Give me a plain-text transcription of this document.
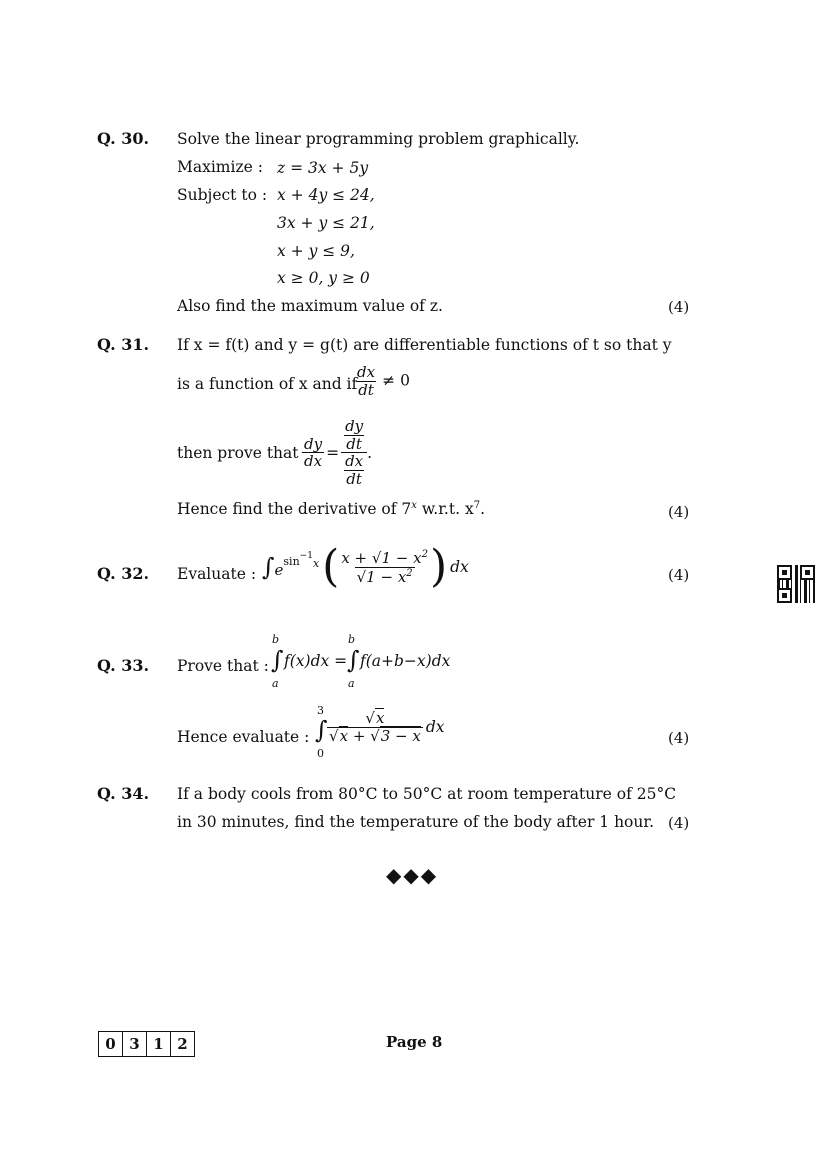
Q. 30. Solve the linear programming problem graphically.
Maximize : z = 3x + 5y
Subject to : x + 4y ≤ 24,
3x + y ≤ 21,
x + y ≤ 9,
x ≥ 0, y ≥ 0
Also find the maximum value of z.	(4)
Q. 31. If x = f(t) and y = g(t) are differentiable functions of t so that y
is a function of x and if
$\frac{dx}{dt} \ne 0$
then prove that $\frac{dy}{dx} = \frac{\frac{dy}{dt}}{\frac{dx}{dt}}$ .
Hence find the derivative of 7$^x$ w.r.t. $x^7$.	(4)
Q. 32. Evaluate : ∫ e sin −1
x ( $\frac{x + √1 - x^2}{√1 - x^2}$ ) dx	(4)
Q. 33. Prove that :
b
a
∫ f(x)dx =
b
a
∫ f(a+b−x)dx
Hence evaluate :
3
0
∫ $\frac{√x}{√x + √3 - x}$ dx
(4)
Q. 34. If a body cools from 80°C to 50°C at room temperature of 25°C
in 30 minutes, find the temperature of the body after 1 hour. (4)
◆◆◆
0 3 1 2	Page 8
